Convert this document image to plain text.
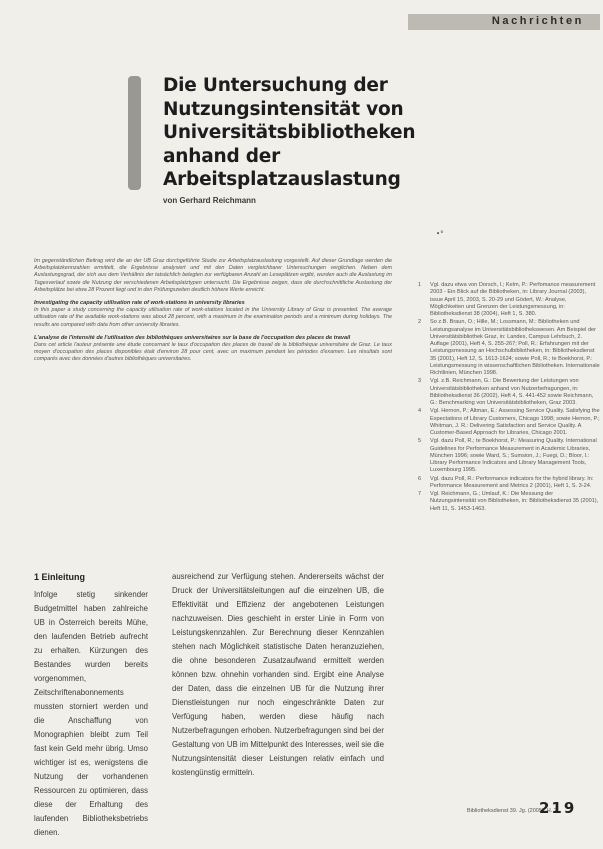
Nachrichten
Die Untersuchung der Nutzungsintensität von Universitätsbibliotheken anhand der Arbeitsplatzauslastung
von Gerhard Reichmann
•°

Im gegenständlichen Beitrag wird die an der UB Graz durchgeführte Studie zur Arbeitsplatzauslastung vorgestellt. Auf dieser Grundlage werden die Arbeitsplatzkennzahlen ermittelt, die Ergebnisse analysiert und mit den Daten vergleichbarer Untersuchungen verglichen. Neben dem Auslastungsgrad, der sich aus dem Verhältnis der tatsächlich belegten zur verfügbaren Anzahl an Leseplätzen ergibt, wurden auch die Auslastung im Tagesverlauf sowie die Nutzung der verschiedenen Arbeitsplatztypen untersucht. Die Ergebnisse zeigen, dass die durchschnittliche Auslastung der Arbeitsplätze bei etwa 28 Prozent liegt und in den Prüfungszeiten deutlich höhere Werte erreicht.

Investigating the capacity utilisation rate of work-stations in university libraries

In this paper a study concerning the capacity utilisation rate of work-stations located in the University Library of Graz is presented. The average utilisation rate of the available work-stations was about 28 percent, with a maximum in the examination periods and a minimum during holidays. The results are compared with data from other university libraries.

L'analyse de l'intensité de l'utilisation des bibliothèques universitaires sur la base de l'occupation des places de travail

Dans cet article l'auteur présente une étude concernant le taux d'occupation des places de travail de la bibliothèque universitaire de Graz. Le taux moyen d'occupation des places disponibles était d'environ 28 pour cent, avec un maximum pendant les périodes d'examen. Les résultats sont comparés avec des données d'autres bibliothèques universitaires.

1 Einleitung

Infolge stetig sinkender Budgetmittel haben zahlreiche UB in Österreich bereits Mühe, den laufenden Betrieb aufrecht zu erhalten. Kürzungen des Bestandes wurden bereits vorgenommen, Zeitschriftenabonnements mussten storniert werden und die Anschaffung von Monographien bleibt zum Teil fast kein Geld mehr übrig. Umso wichtiger ist es, wenigstens die Nutzung der vorhandenen Ressourcen zu optimieren, dass diese der Erhaltung des laufenden Bibliotheksbetriebs dienen.

ausreichend zur Verfügung stehen. Andererseits wächst der Druck der Universitätsleitungen auf die einzelnen UB, die Effektivität und Effizienz der angebotenen Leistungen nachzuweisen. Dies geschieht in erster Linie in Form von Leistungskennzahlen. Zur Berechnung dieser Kennzahlen stehen nach Möglichkeit statistische Daten heranzuziehen, die ohne besonderen Zusatzaufwand ermittelt werden können bzw. ohnehin vorhanden sind. Ergibt eine Analyse der Daten, dass die einzelnen UB für die Nutzung ihrer Dienstleistungen nur noch eingeschränkte Daten zur Verfügung haben, werden diese häufig nach Nutzerbefragungen erhoben. Nutzerbefragungen sind bei der Gestaltung von UB im Mittelpunkt des Interesses, weil sie die Nutzungsintensität dieser Leistungen relativ einfach und kostengünstig ermitteln.

1 Vgl. dazu etwa von Dorsch, I.; Kelm, P.: Perfomance measurement 2003 - Ein Blick auf die Bibliotheken, in: Library Journal (2003), issue April 15, 2003, S. 20-29 und Gödert, W.: Analyse, Möglichkeiten und Grenzen der Leistungsmessung, in: Bibliotheksdienst 38 (2004), Heft 1, S. 380.
2 So z.B. Braun, O.; Hille, M.; Lossmann, M.: Bibliotheken und Leistungsanalyse im Universitätsbibliothekswesen. Am Beispiel der Universitätsbibliothek Graz, in: Landes, Campus Lehrbuch, 2. Auflage (2001), Heft 4, S. 255-267; Poll, R.: Erfahrungen mit der Leistungsmessung an Hochschulbibliotheken, in: Bibliotheksdienst 35 (2001), Heft 12, S. 1613-1624; sowie Poll, R.; te Boekhorst, P.: Leistungsmessung in wissenschaftlichen Bibliotheken. Internationale Richtlinien, München 1998.
3 Vgl. z.B. Reichmann, G.: Die Bewertung der Leistungen von Universitätsbibliotheken anhand von Nutzerbefragungen, in: Bibliotheksdienst 36 (2002), Heft 4, S. 441-452 sowie Reichmann, G.: Benchmarking von Universitätsbibliotheken, Graz 2003.
4 Vgl. Hernon, P.; Altman, E.: Assessing Service Quality. Satisfying the Expectations of Library Customers, Chicago 1998; sowie Hernon, P.; Whitman, J. R.: Delivering Satisfaction and Service Quality. A Customer-Based Approach for Libraries, Chicago 2001.
5 Vgl. dazu Poll, R.; te Boekhorst, P.: Measuring Quality. International Guidelines for Performance Measurement in Academic Libraries, München 1996; sowie Ward, S.; Sumsion, J.; Fuegi, D.; Bloor, I.: Library Performance Indicators and Library Management Tools, Luxembourg 1995.
6 Vgl. dazu Poll, R.: Performance indicators for the hybrid library. In: Performance Measurement and Metrics 2 (2001), Heft 1, S. 3-24.
7 Vgl. Reichmann, G.; Umlauf, K.: Die Messung der Nutzungsintensität von Bibliotheken, in: Bibliotheksdienst 35 (2001), Heft 11, S. 1453-1463.
Bibliotheksdienst 39. Jg. (2005), H. 2
219
